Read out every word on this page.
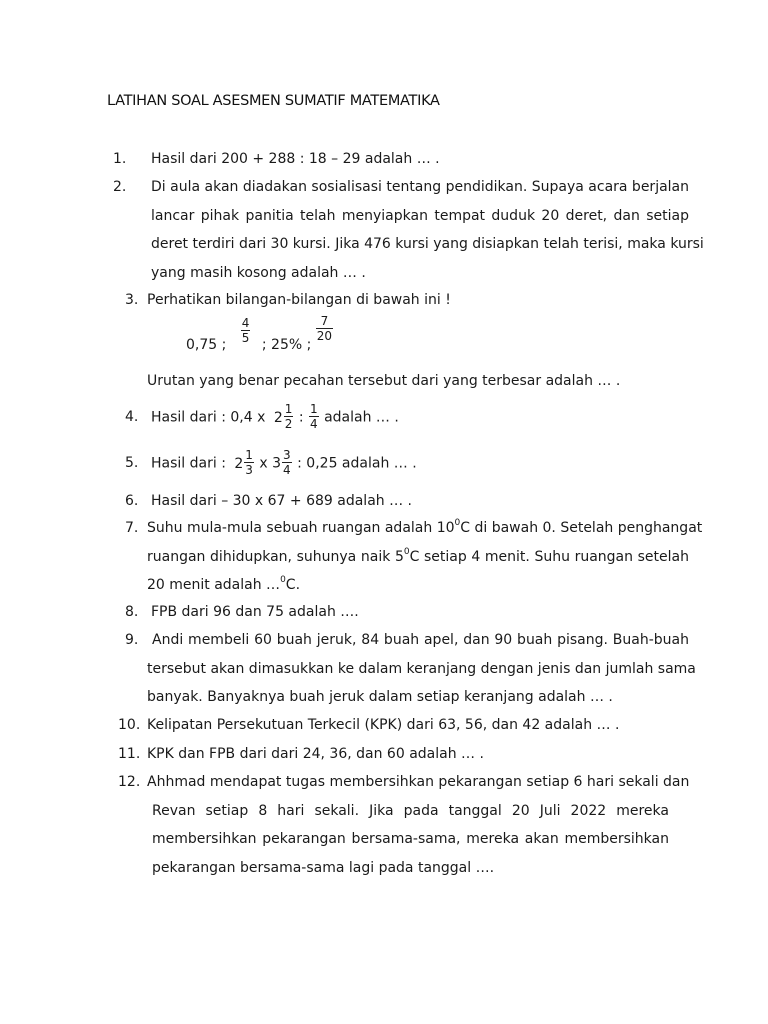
LATIHAN SOAL ASESMEN SUMATIF MATEMATIKA
1. Hasil dari 200 + 288 : 18 – 29 adalah … .
2. Di aula akan diadakan sosialisasi tentang pendidikan. Supaya acara berjalan
lancar pihak panitia telah menyiapkan tempat duduk 20 deret, dan setiap
deret terdiri dari 30 kursi. Jika 476 kursi yang disiapkan telah terisi, maka kursi
yang masih kosong adalah … .
3. Perhatikan bilangan-bilangan di bawah ini !
0,75 ; $\frac{4}{5}$ ; 25% ;
$\frac{7}{20}$
Urutan yang benar pecahan tersebut dari yang terbesar adalah … .
4. Hasil dari : 0,4 x $2 \frac{1}{2}$ : $\frac{1}{4}$ adalah … .
5. Hasil dari : $2 \frac{1}{3}$ x $3 \frac{3}{4}$ : 0,25 adalah … .
6. Hasil dari – 30 x 67 + 689 adalah … .
7. Suhu mula-mula sebuah ruangan adalah $10^0C$ di bawah 0. Setelah penghangat
ruangan dihidupkan, suhunya naik $5^0C$ setiap 4 menit. Suhu ruangan setelah
20 menit adalah …$^0$C.
8. FPB dari 96 dan 75 adalah ….
9. Andi membeli 60 buah jeruk, 84 buah apel, dan 90 buah pisang. Buah-buah
tersebut akan dimasukkan ke dalam keranjang dengan jenis dan jumlah sama
banyak. Banyaknya buah jeruk dalam setiap keranjang adalah … .
10. Kelipatan Persekutuan Terkecil (KPK) dari 63, 56, dan 42 adalah … .
11. KPK dan FPB dari dari 24, 36, dan 60 adalah … .
12. Ahhmad mendapat tugas membersihkan pekarangan setiap 6 hari sekali dan
Revan setiap 8 hari sekali. Jika pada tanggal 20 Juli 2022 mereka
membersihkan pekarangan bersama-sama, mereka akan membersihkan
pekarangan bersama-sama lagi pada tanggal ….
